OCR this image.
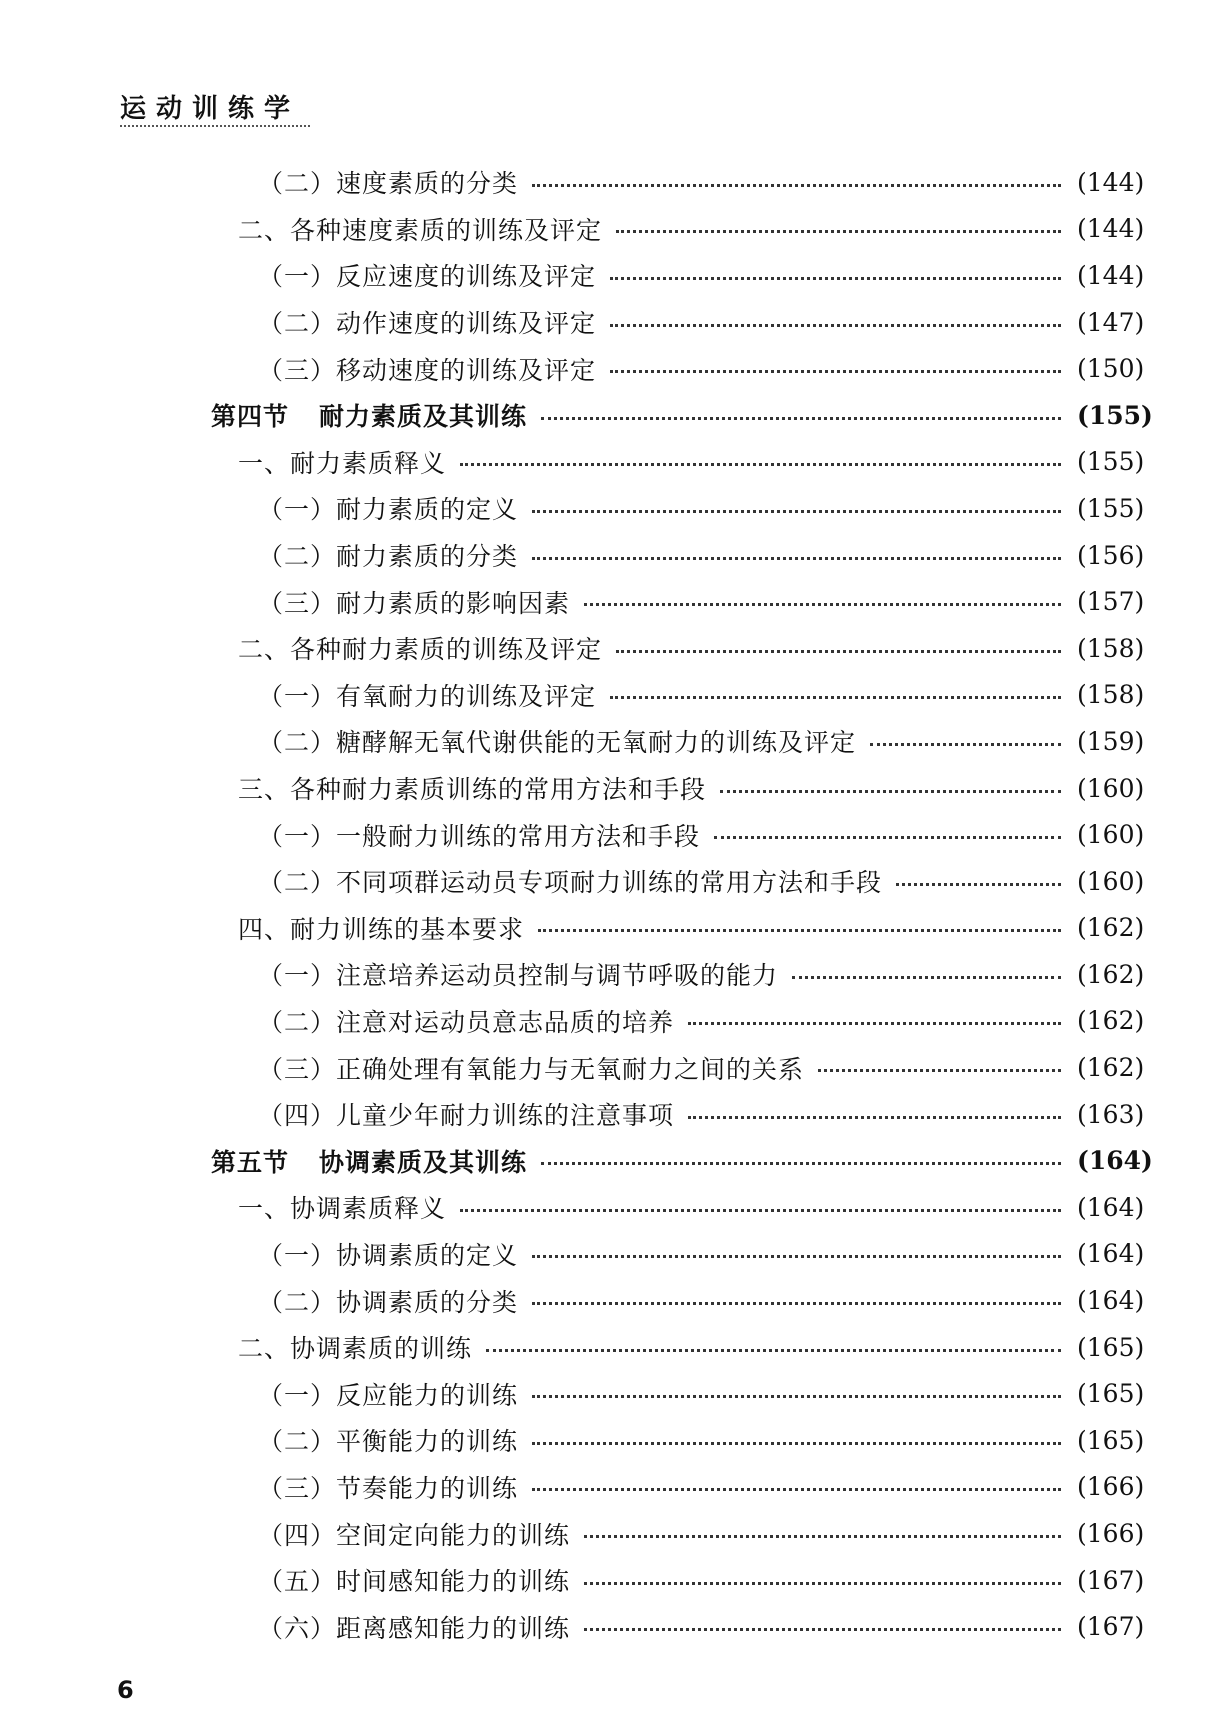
运动训练学
（二）速度素质的分类	(144)
二、各种速度素质的训练及评定	(144)
（一）反应速度的训练及评定	(144)
（二）动作速度的训练及评定	(147)
（三）移动速度的训练及评定	(150)
第四节 耐力素质及其训练	(155)
一、耐力素质释义	(155)
（一）耐力素质的定义	(155)
（二）耐力素质的分类	(156)
（三）耐力素质的影响因素	(157)
二、各种耐力素质的训练及评定	(158)
（一）有氧耐力的训练及评定	(158)
（二）糖酵解无氧代谢供能的无氧耐力的训练及评定	(159)
三、各种耐力素质训练的常用方法和手段	(160)
（一）一般耐力训练的常用方法和手段	(160)
（二）不同项群运动员专项耐力训练的常用方法和手段	(160)
四、耐力训练的基本要求	(162)
（一）注意培养运动员控制与调节呼吸的能力	(162)
（二）注意对运动员意志品质的培养	(162)
（三）正确处理有氧能力与无氧耐力之间的关系	(162)
（四）儿童少年耐力训练的注意事项	(163)
第五节 协调素质及其训练	(164)
一、协调素质释义	(164)
（一）协调素质的定义	(164)
（二）协调素质的分类	(164)
二、协调素质的训练	(165)
（一）反应能力的训练	(165)
（二）平衡能力的训练	(165)
（三）节奏能力的训练	(166)
（四）空间定向能力的训练	(166)
（五）时间感知能力的训练	(167)
（六）距离感知能力的训练	(167)
6
